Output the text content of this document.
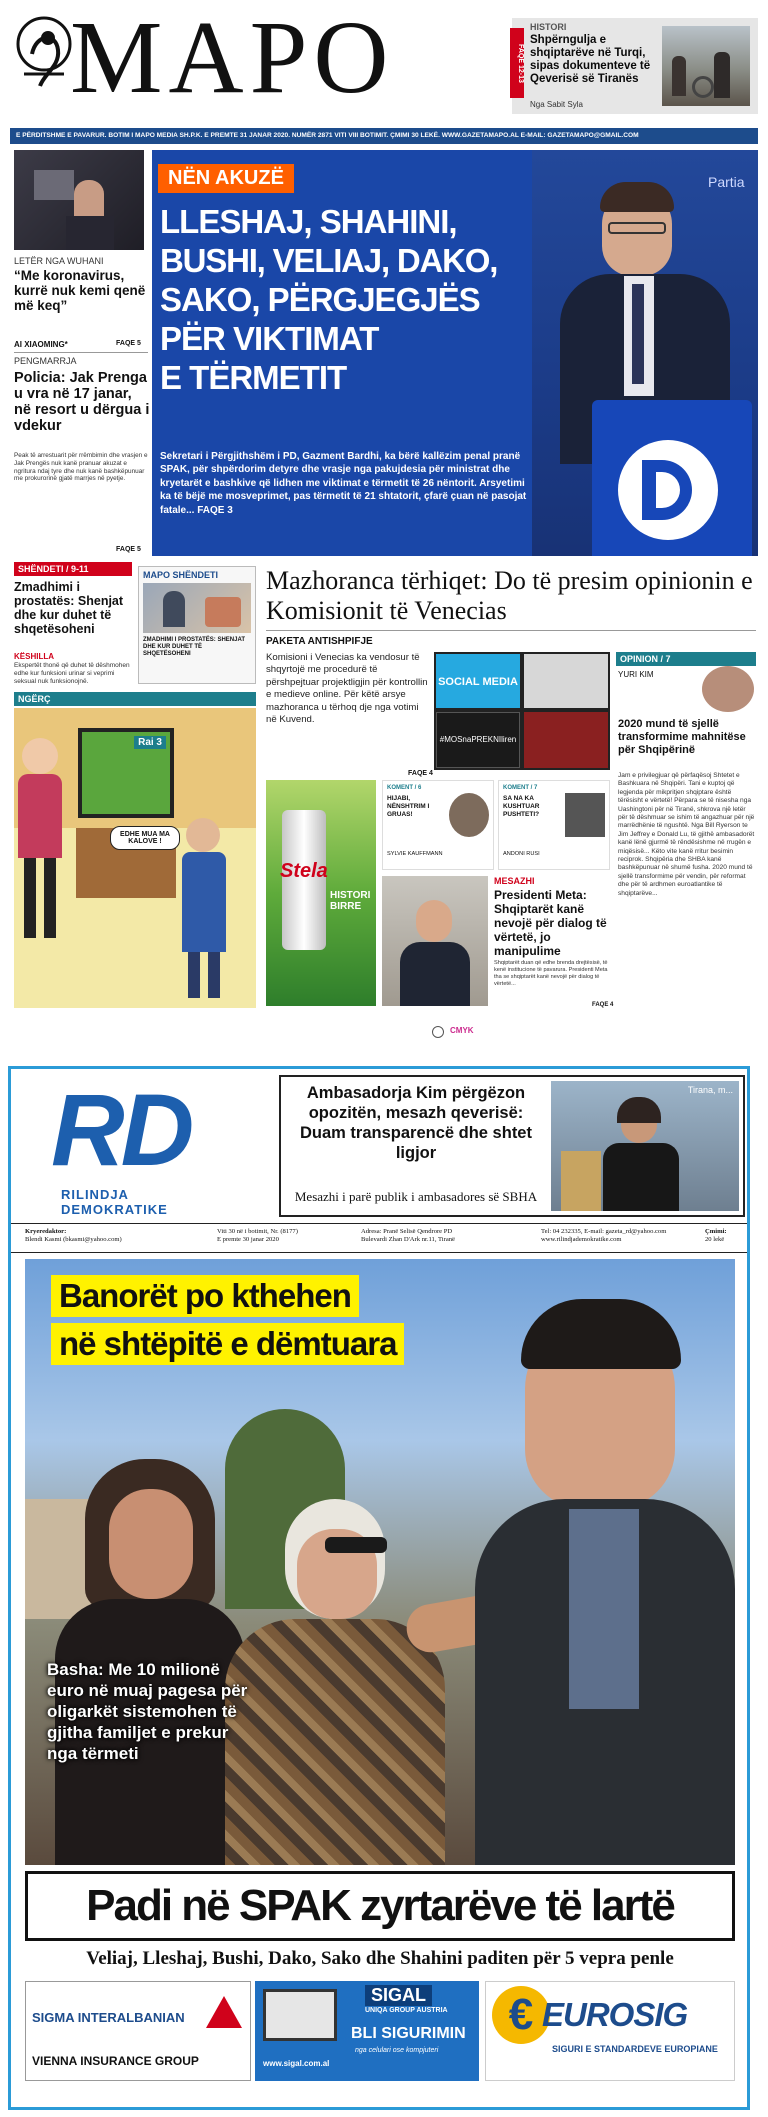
MAPO	FAQE 12-13
HISTORI
Shpërngulja e shqiptarëve në Turqi, sipas dokumenteve të Qeverisë së Tiranës
Nga Sabit Syla
E PËRDITSHME E PAVARUR. BOTIM I MAPO MEDIA SH.P.K. E PREMTE 31 JANAR 2020. NUMËR 2871 VITI VIII BOTIMIT. ÇMIMI 30 LEKË. WWW.GAZETAMAPO.AL E-MAIL: GAZETAMAPO@GMAIL.COM
LETËR NGA WUHANI
“Me koronavirus, kurrë nuk kemi qenë më keq”
AI XIAOMING*	FAQE 5
PENGMARRJA
Policia: Jak Prenga u vra në 17 janar, në resort u dërgua i vdekur
Peak të arrestuarit për rrëmbimin dhe vrasjen e Jak Prengës nuk kanë pranuar akuzat e ngritura ndaj tyre dhe nuk kanë bashkëpunuar me prokurorinë gjatë marrjes në pyetje.
FAQE 5
Partia
NËN AKUZË
LLESHAJ, SHAHINI,
BUSHI, VELIAJ, DAKO,
SAKO, PËRGJEGJËS
PËR VIKTIMAT
E TËRMETIT
Sekretari i Përgjithshëm i PD, Gazment Bardhi, ka bërë kallëzim penal pranë SPAK, për shpërdorim detyre dhe vrasje nga pakujdesia për ministrat dhe kryetarët e bashkive që lidhen me viktimat e tërmetit të 26 nëntorit. Arsyetimi ka të bëjë me mosveprimet, pas tërmetit të 21 shtatorit, çfarë çuan në pasojat fatale... FAQE 3
SHËNDETI / 9-11
Zmadhimi i prostatës: Shenjat dhe kur duhet të shqetësoheni
KËSHILLA
Ekspertët thonë që duhet të dëshmohen edhe kur funksioni urinar si veprimi seksual nuk funksionojnë.
MAPO SHËNDETI
ZMADHIMI I PROSTATËS: SHENJAT DHE KUR DUHET TË SHQETËSOHENI
NGËRÇ
Rai 3
EDHE MUA MA KALOVE !
Mazhoranca tërhiqet: Do të presim opinionin e Komisionit të Venecias
PAKETA ANTISHPIFJE
Komisioni i Venecias ka vendosur të shqyrtojë me procedurë të përshpejtuar projektligjin për kontrollin e medieve online. Për këtë arsye mazhoranca u tërhoq dje nga votimi në Kuvend.
FAQE 4
SOCIAL MEDIA
#MOSnaPREKNIliren
OPINION / 7
YURI KIM
2020 mund të sjellë transformime mahnitëse për Shqipërinë
Jam e privilegjuar që përfaqësoj Shtetet e Bashkuara në Shqipëri. Tani e kuptoj që legjenda për mikpritjen shqiptare është tërësisht e vërtetë! Përpara se të nisesha nga Uashingtoni për në Tiranë, shkrova një letër për të dëshmuar se ishim të angazhuar për një marrëdhënie të ngushtë. Nga Bill Ryerson te Jim Jeffrey e Donald Lu, të gjithë ambasadorët kanë lënë gjurmë të rëndësishme në rrugën e miqësisë... Këto vite kanë rritur besimin reciprok. Shqipëria dhe SHBA kanë bashkëpunuar në shumë fusha. 2020 mund të sjellë transformime për vendin, për reformat dhe për të ardhmen euroatlantike të shqiptarëve...
Stela
HISTORI BIRRE
KOMENT / 6
HIJABI, NËNSHTRIM I GRUAS!
SYLVIE KAUFFMANN
KOMENT / 7
SA NA KA KUSHTUAR PUSHTETI?
ANDONI RUSI
MESAZHI
Presidenti Meta: Shqiptarët kanë nevojë për dialog të vërtetë, jo manipulime
Shqiptarët duan që edhe brenda drejtësisë, të kenë institucione të pavarura. Presidenti Meta tha se shqiptarët kanë nevojë për dialog të vërtetë...
FAQE 4
CMYK
RD
RILINDJA
DEMOKRATIKE
Ambasadorja Kim përgëzon opozitën, mesazh qeverisë: Duam transparencë dhe shtet ligjor
Mesazhi i parë publik i ambasadores së SBHA
Tirana, m...
Kryeredaktor:
Blendi Kasmi (bkasmi@yahoo.com)
Viti 30 në i botimit, Nr. (8177)
E premte 30 janar 2020
Adresa: Pranë Selisë Qendrore PD
Bulevardi Zhan D'Ark nr.11, Tiranë
Tel: 04 232335, E-mail: gazeta_rd@yahoo.com
www.rilindjademokratike.com
Çmimi:
20 lekë
Banorët po kthehen
në shtëpitë e dëmtuara
Basha: Me 10 milionë euro në muaj pagesa për oligarkët sistemohen të gjitha familjet e prekur nga tërmeti
Padi në SPAK zyrtarëve të lartë
Veliaj, Lleshaj, Bushi, Dako, Sako dhe Shahini paditen për 5 vepra penle
SIGMA INTERALBANIAN
VIENNA INSURANCE GROUP
SIGAL
UNIQA GROUP AUSTRIA
BLI SIGURIMIN
nga celulari ose kompjuteri
www.sigal.com.al
€ EUROSIG
SIGURI E STANDARDEVE EUROPIANE
